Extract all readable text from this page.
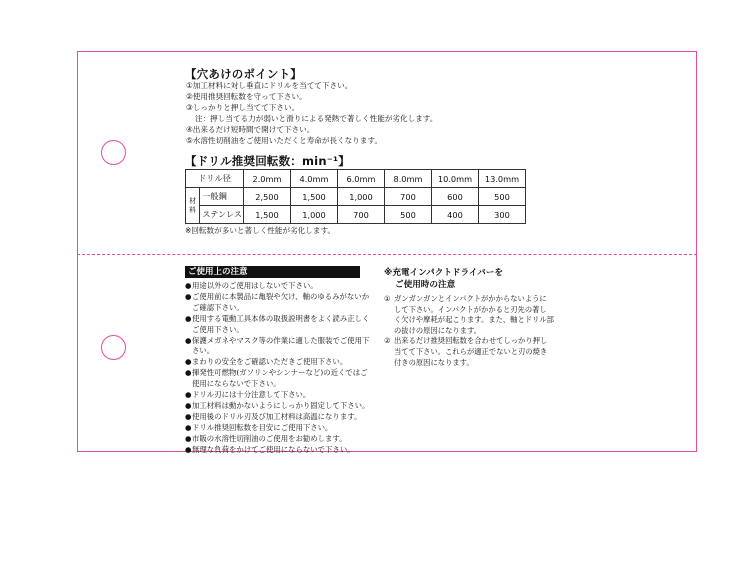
【穴あけのポイント】
①加工材料に対し垂直にドリルを当てて下さい。
②使用推奨回転数を守って下さい。
③しっかりと押し当てて下さい。
注：押し当てる力が弱いと滑りによる発熱で著しく性能が劣化します。
④出来るだけ短時間で開けて下さい。
⑤水溶性切削油をご使用いただくと寿命が長くなります。
【ドリル推奨回転数：min⁻¹】
ドリル径		2.0mm	4.0mm	6.0mm	8.0mm	10.0mm	13.0mm
材料	一般鋼	2,500	1,500	1,000	700	600	500
	ステンレス	1,500	1,000	700	500	400	300
※回転数が多いと著しく性能が劣化します。
ご使用上の注意
● 用途以外のご使用はしないで下さい。
● ご使用前に本製品に亀裂や欠け、軸のゆるみがないかご確認下さい。
● 使用する電動工具本体の取扱説明書をよく読み正しくご使用下さい。
● 保護メガネやマスク等の作業に適した服装でご使用下さい。
● まわりの安全をご確認いただきご使用下さい。
● 揮発性可燃物(ガソリンやシンナーなど)の近くではご使用にならないで下さい。
● ドリル刃には十分注意して下さい。
● 加工材料は動かないようにしっかり固定して下さい。
● 使用後のドリル刃及び加工材料は高温になります。
● ドリル推奨回転数を目安にご使用下さい。
● 市販の水溶性切削油のご使用をお勧めします。
● 無理な負荷をかけてご使用にならないで下さい。
※充電インパクトドライバーを
ご使用時の注意
① ガンガンガンとインパクトがかからないようにして下さい。インパクトがかかると刃先の著しく欠けや摩耗が起こります。また、軸とドリル部の抜けの原因になります。
② 出来るだけ推奨回転数を合わせてしっかり押し当てて下さい。これらが適正でないと刃の焼き付きの原因になります。
